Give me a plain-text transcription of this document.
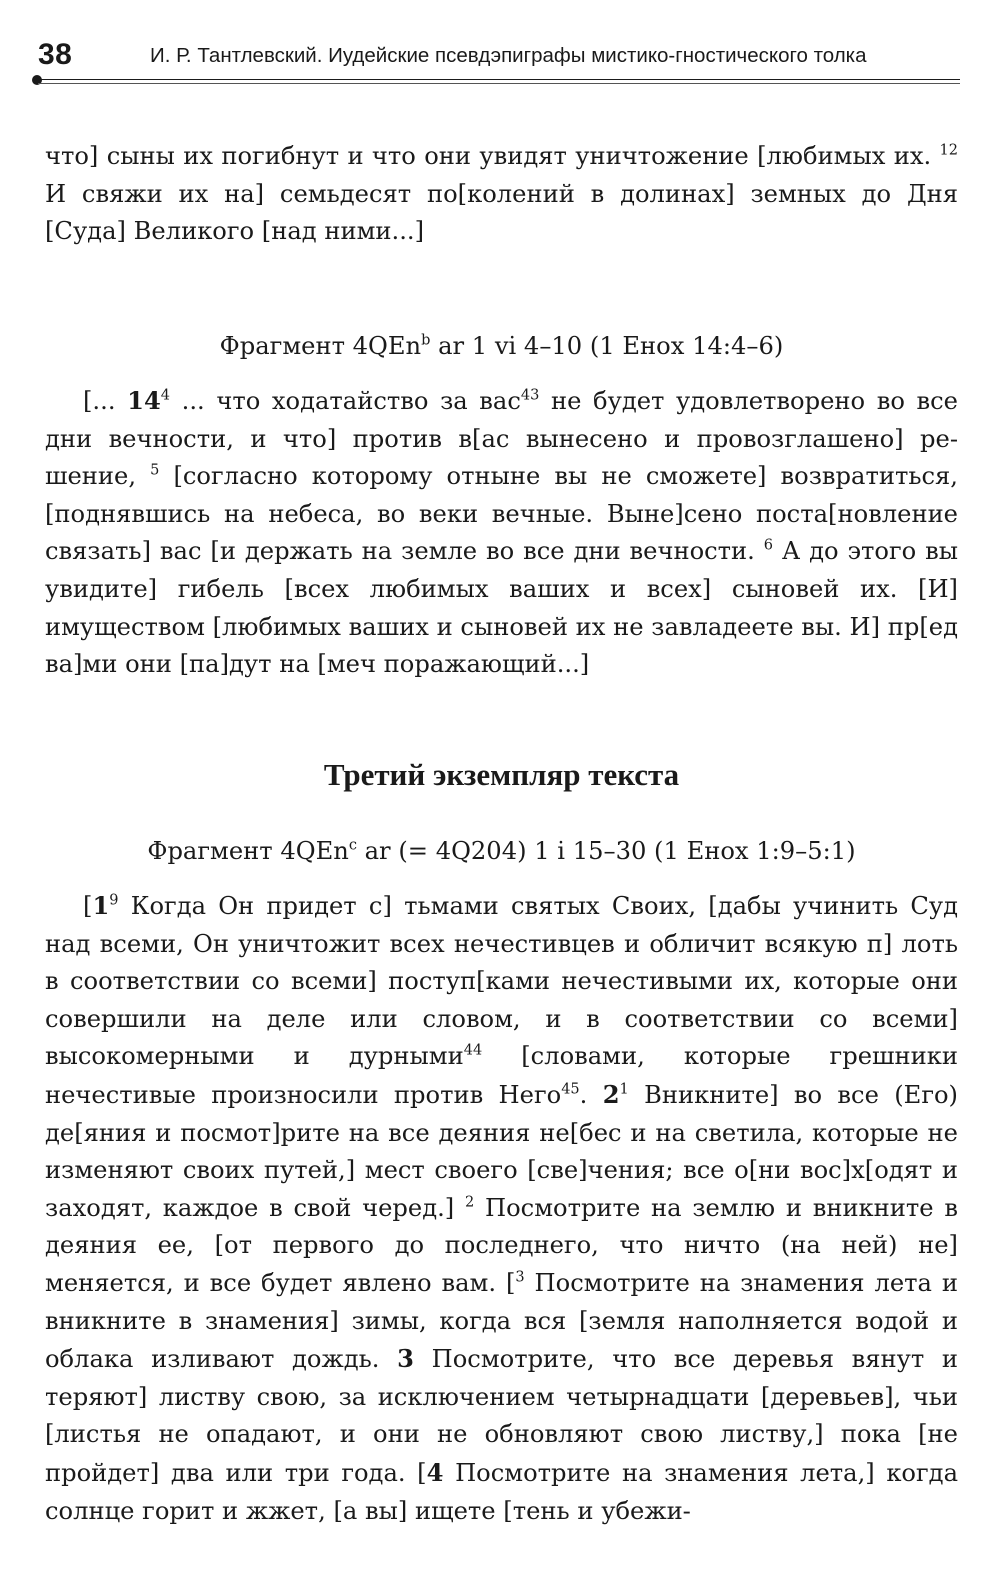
38	И. Р. Тантлевский. Иудейские псевдэпиграфы мистико-гностического толка

что] сыны их погибнут и что они увидят уничтожение [любимых их. $^{12}$ И свяжи их на] семьдесят по[колений в долинах] земных до Дня [Суда] Великого [над ними...]

Фрагмент 4QEn$^b$ ar 1 vi 4–10 (1 Енох 14:4–6)

[... $14^4$ ... что ходатайство за вас$^{43}$ не будет удовлетворено во все дни вечности, и что] против в[ас вынесено и провозглашено] решение, $^5$ [согласно которому отныне вы не сможете] возвратиться, [поднявшись на небеса, во веки вечные. Выне]сено поста[новление связать] вас [и держать на земле во все дни вечности. $^6$ А до этого вы увидите] гибель [всех любимых ваших и всех] сыновей их. [И] имуществом [любимых ваших и сыновей их не завладеете вы. И] пр[ед ва]ми они [па]дут на [меч поражающий...]

Третий экземпляр текста

Фрагмент 4QEn$^c$ ar (= 4Q204) 1 i 15–30 (1 Енох 1:9–5:1)

[$1^9$ Когда Он придет с] тьмами святых Своих, [дабы учинить Суд над всеми, Он уничтожит всех нечестивцев и обличит всякую п] лоть в соответствии со всеми] поступ[ками нечестивыми их, которые они совершили на деле или словом, и в соответствии со всеми] высокомерными и дурными$^{44}$ [словами, которые грешники нечестивые произносили против Него$^{45}$. $2^1$ Вникните] во все (Его) де[яния и посмот]рите на все деяния не[бес и на светила, которые не изменяют своих путей,] мест своего [све]чения; все о[ни вос]х[одят и заходят, каждое в свой черед.] $^2$ Посмотрите на землю и вникните в деяния ее, [от первого до последнего, что ничто (на ней) не] меняется, и все будет явлено вам. [$^3$ Посмотрите на знамения лета и вникните в знамения] зимы, когда вся [земля наполняется водой и облака изливают дождь. 3 Посмотрите, что все деревья вянут и теряют] листву свою, за исключением четырнадцати [деревьев], чьи [листья не опадают, и они не обновляют свою листву,] пока [не пройдет] два или три года. [4 Посмотрите на знамения лета,] когда солнце горит и жжет, [а вы] ищете [тень и убежи-
